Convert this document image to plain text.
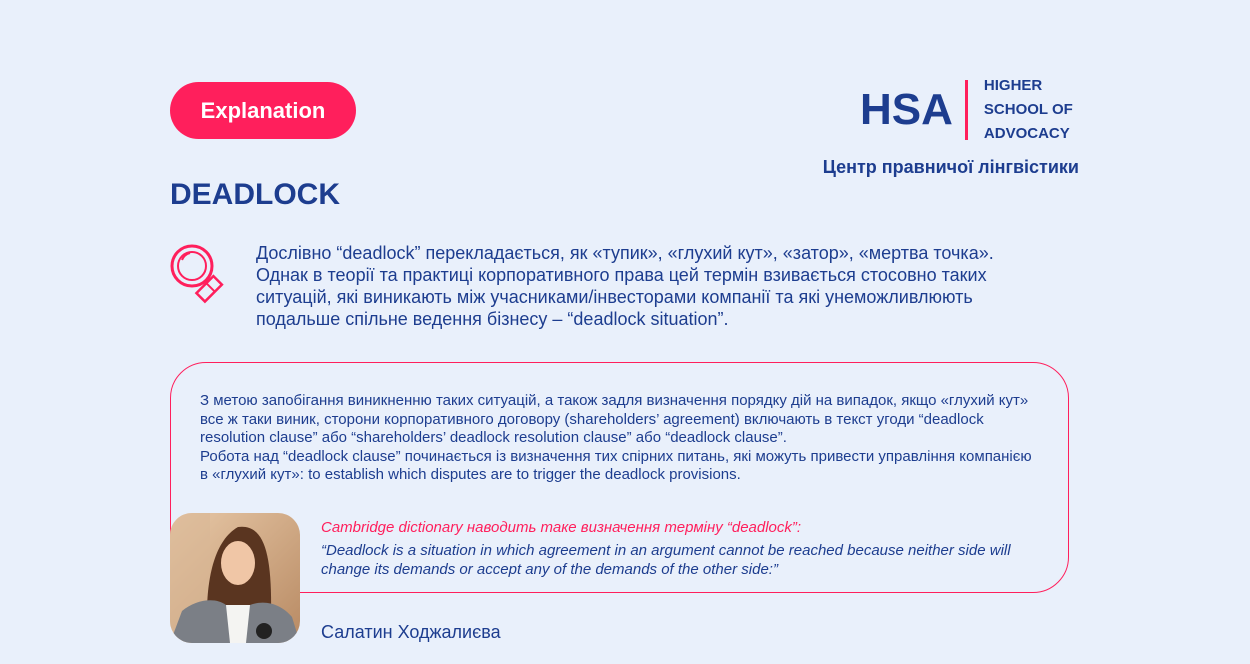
Explanation	HSA HIGHER
SCHOOL OF
ADVOCACY
Центр правничої лінгвістики
DEADLOCK
Дослівно “deadlock” перекладається, як «тупик», «глухий кут», «затор», «мертва точка». Однак в теорії та практиці корпоративного права цей термін взивається стосовно таких ситуацій, які виникають між учасниками/інвесторами компанії та які унеможливлюють подальше спільне ведення бізнесу – “deadlock situation”.

З метою запобігання виникненню таких ситуацій, а також задля визначення порядку дій на випадок, якщо «глухий кут» все ж таки виник, сторони корпоративного договору (shareholders’ agreement) включають в текст угоди “deadlock resolution clause” або “shareholders’ deadlock resolution clause” або “deadlock clause”.

Робота над “deadlock clause” починається із визначення тих спірних питань, які можуть привести управління компанією в «глухий кут»: to establish which disputes are to trigger the deadlock provisions.

Cambridge dictionary наводить таке визначення терміну “deadlock”:
“Deadlock is a situation in which agreement in an argument cannot be reached because neither side will change its demands or accept any of the demands of the other side:”
Салатин Ходжалиєва
